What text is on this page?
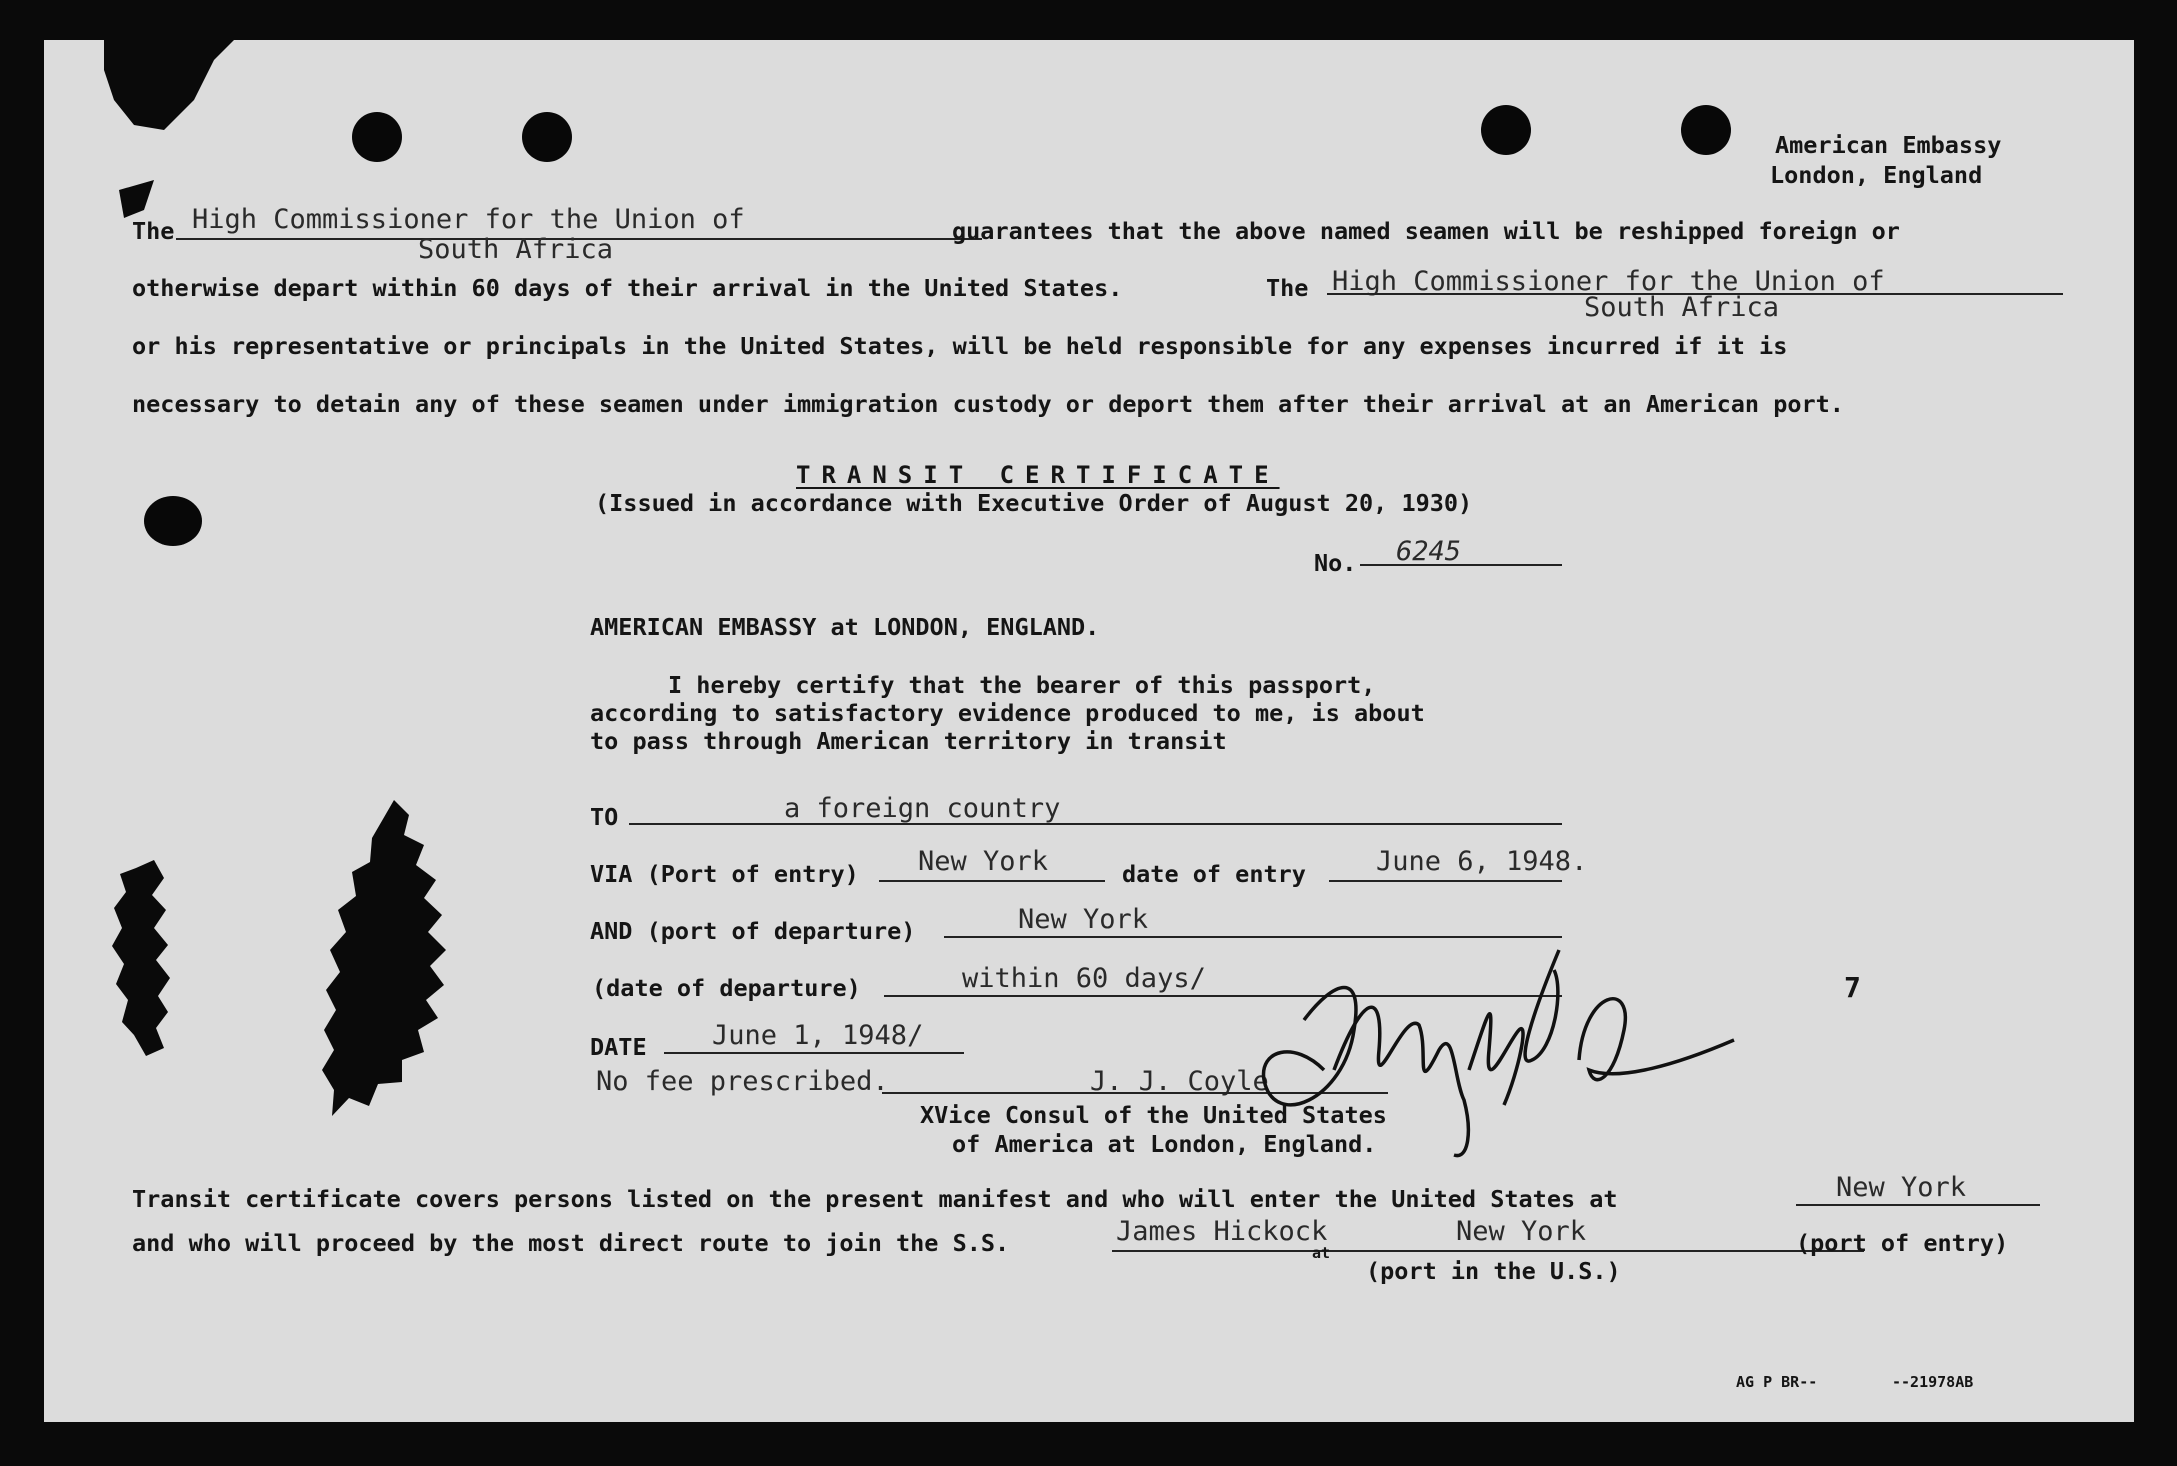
American Embassy
London, England
The High Commissioner for the Union of
South Africa
guarantees that the above named seamen will be reshipped foreign or
otherwise depart within 60 days of their arrival in the United States.	The High Commissioner for the Union of
South Africa
or his representative or principals in the United States, will be held responsible for any expenses incurred if it is
necessary to detain any of these seamen under immigration custody or deport them after their arrival at an American port.
TRANSIT CERTIFICATE
(Issued in accordance with Executive Order of August 20, 1930)
No. 6245
AMERICAN EMBASSY at LONDON, ENGLAND.
I hereby certify that the bearer of this passport,
according to satisfactory evidence produced to me, is about
to pass through American territory in transit
TO	a foreign country
VIA (Port of entry) New York	date of entry	June 6, 1948.
AND (port of departure)	New York
(date of departure)	within 60 days/
DATE June 1, 1948/
No fee prescribed.	J. J. Coyle
XVice Consul of the United States
of America at London, England.
7
Transit certificate covers persons listed on the present manifest and who will enter the United States at	New York
and who will proceed by the most direct route to join the S.S.	James Hickock
at
New York	(port of entry)
(port in the U.S.)
AG P BR--	--21978AB
